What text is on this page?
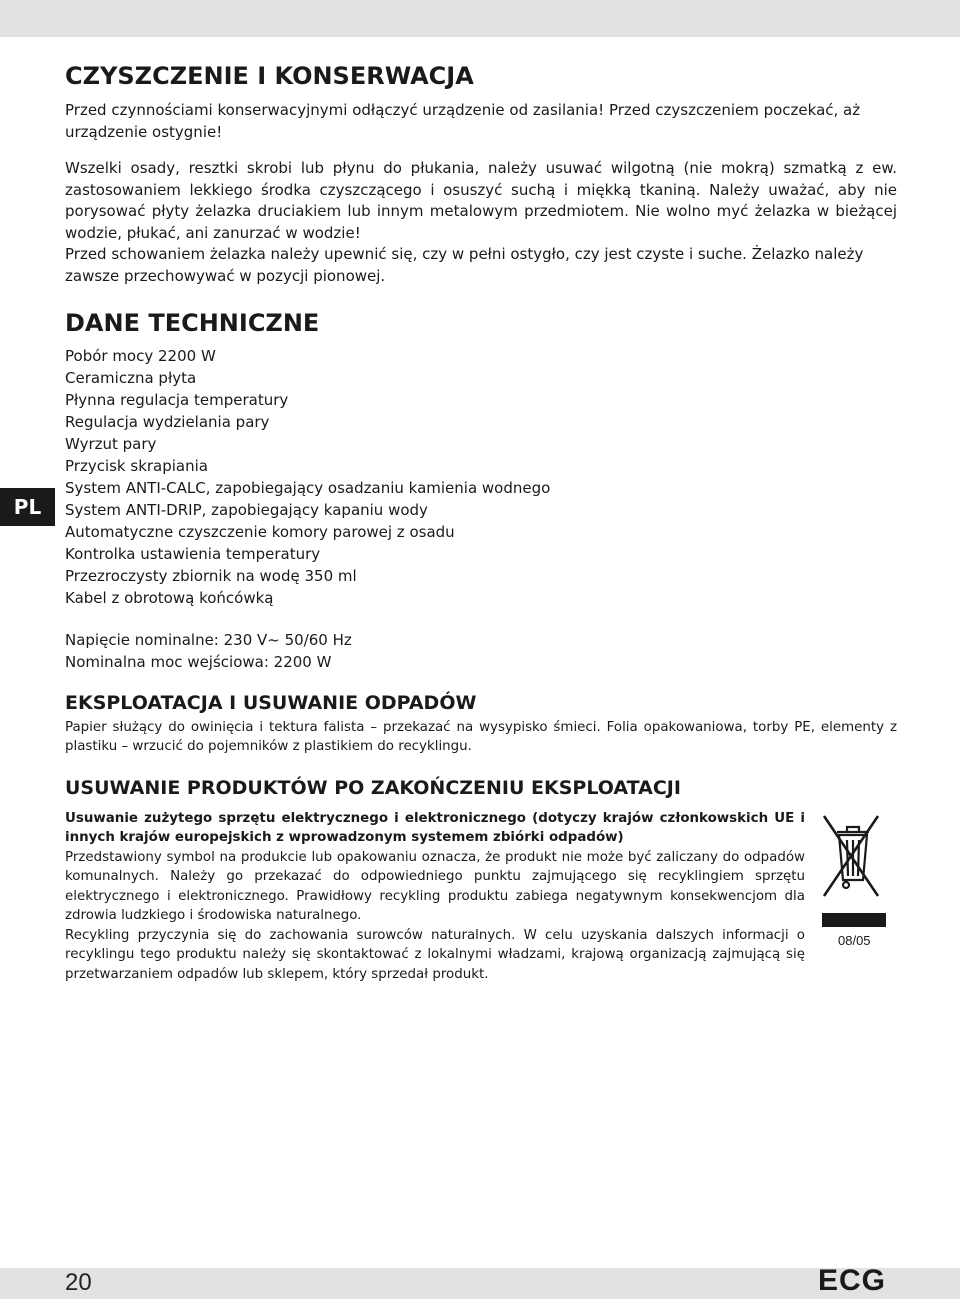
PL
CZYSZCZENIE I KONSERWACJA

Przed czynnościami konserwacyjnymi odłączyć urządzenie od zasilania! Przed czyszczeniem poczekać, aż urządzenie ostygnie!

Wszelki osady, resztki skrobi lub płynu do płukania, należy usuwać wilgotną (nie mokrą) szmatką z ew. zastosowaniem lekkiego środka czyszczącego i osuszyć suchą i miękką tkaniną. Należy uważać, aby nie porysować płyty żelazka druciakiem lub innym metalowym przedmiotem. Nie wolno myć żelazka w bieżącej wodzie, płukać, ani zanurzać w wodzie!

Przed schowaniem żelazka należy upewnić się, czy w pełni ostygło, czy jest czyste i suche. Żelazko należy zawsze przechowywać w pozycji pionowej.

DANE TECHNICZNE
Pobór mocy 2200 W
Ceramiczna płyta
Płynna regulacja temperatury
Regulacja wydzielania pary
Wyrzut pary
Przycisk skrapiania
System ANTI-CALC, zapobiegający osadzaniu kamienia wodnego
System ANTI-DRIP, zapobiegający kapaniu wody
Automatyczne czyszczenie komory parowej z osadu
Kontrolka ustawienia temperatury
Przezroczysty zbiornik na wodę 350 ml
Kabel z obrotową końcówką

Napięcie nominalne: 230 V~ 50/60 Hz

Nominalna moc wejściowa: 2200 W

EKSPLOATACJA I USUWANIE ODPADÓW

Papier służący do owinięcia i tektura falista – przekazać na wysypisko śmieci. Folia opakowaniowa, torby PE, elementy z plastiku – wrzucić do pojemników z plastikiem do recyklingu.

USUWANIE PRODUKTÓW PO ZAKOŃCZENIU EKSPLOATACJI

Usuwanie zużytego sprzętu elektrycznego i elektronicznego (dotyczy krajów członkowskich UE i innych krajów europejskich z wprowadzonym systemem zbiórki odpadów)

Przedstawiony symbol na produkcie lub opakowaniu oznacza, że produkt nie może być zaliczany do odpadów komunalnych. Należy go przekazać do odpowiedniego punktu zajmującego się recyklingiem sprzętu elektrycznego i elektronicznego. Prawidłowy recykling produktu zabiega negatywnym konsekwencjom dla zdrowia ludzkiego i środowiska naturalnego.

Recykling przyczynia się do zachowania surowców naturalnych. W celu uzyskania dalszych informacji o recyklingu tego produktu należy się skontaktować z lokalnymi władzami, krajową organizacją zajmującą się przetwarzaniem odpadów lub sklepem, który sprzedał produkt.

08/05
20	ECG
